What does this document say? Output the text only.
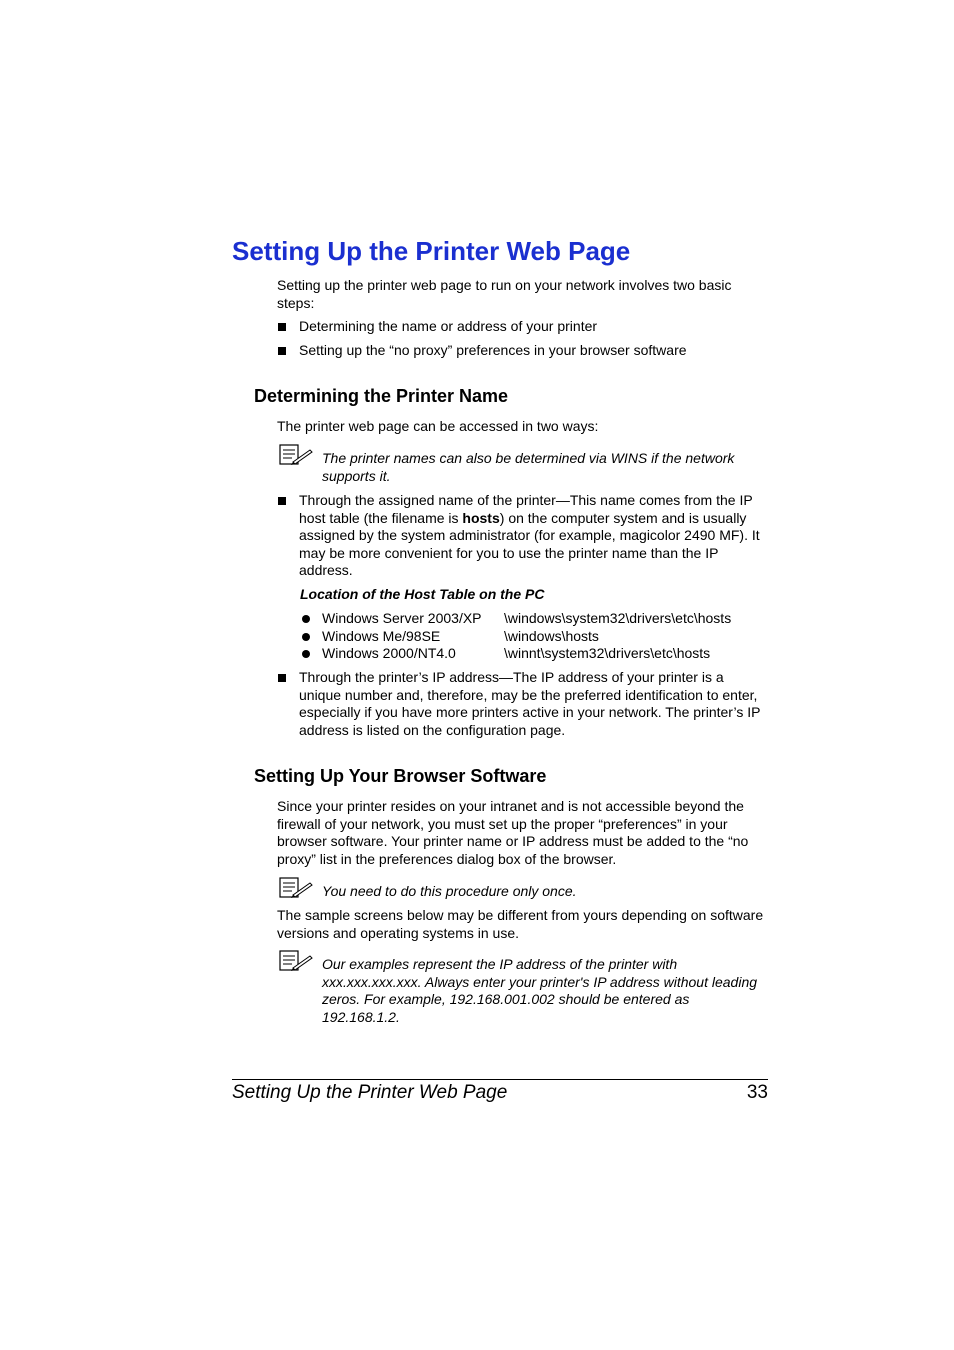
Setting Up the Printer Web Page

Setting up the printer web page to run on your network involves two basic steps:

Determining the name or address of your printer
Setting up the “no proxy” preferences in your browser software
Determining the Printer Name

The printer web page can be accessed in two ways:

The printer names can also be determined via WINS if the network supports it.

Through the assigned name of the printer—This name comes from the IP host table (the filename is hosts) on the computer system and is usually assigned by the system administrator (for example, magicolor 2490 MF). It may be more convenient for you to use the printer name than the IP address.

Location of the Host Table on the PC

Windows Server 2003/XP \windows\system32\drivers\etc\hosts
Windows Me/98SE	\windows\hosts
Windows 2000/NT4.0	\winnt\system32\drivers\etc\hosts
Through the printer’s IP address—The IP address of your printer is a unique number and, therefore, may be the preferred identification to enter, especially if you have more printers active in your network. The printer’s IP address is listed on the configuration page.
Setting Up Your Browser Software

Since your printer resides on your intranet and is not accessible beyond the firewall of your network, you must set up the proper “preferences” in your browser software. Your printer name or IP address must be added to the “no proxy” list in the preferences dialog box of the browser.

You need to do this procedure only once.

The sample screens below may be different from yours depending on software versions and operating systems in use.

Our examples represent the IP address of the printer with xxx.xxx.xxx.xxx. Always enter your printer's IP address without leading zeros. For example, 192.168.001.002 should be entered as 192.168.1.2.

Setting Up the Printer Web Page	33
